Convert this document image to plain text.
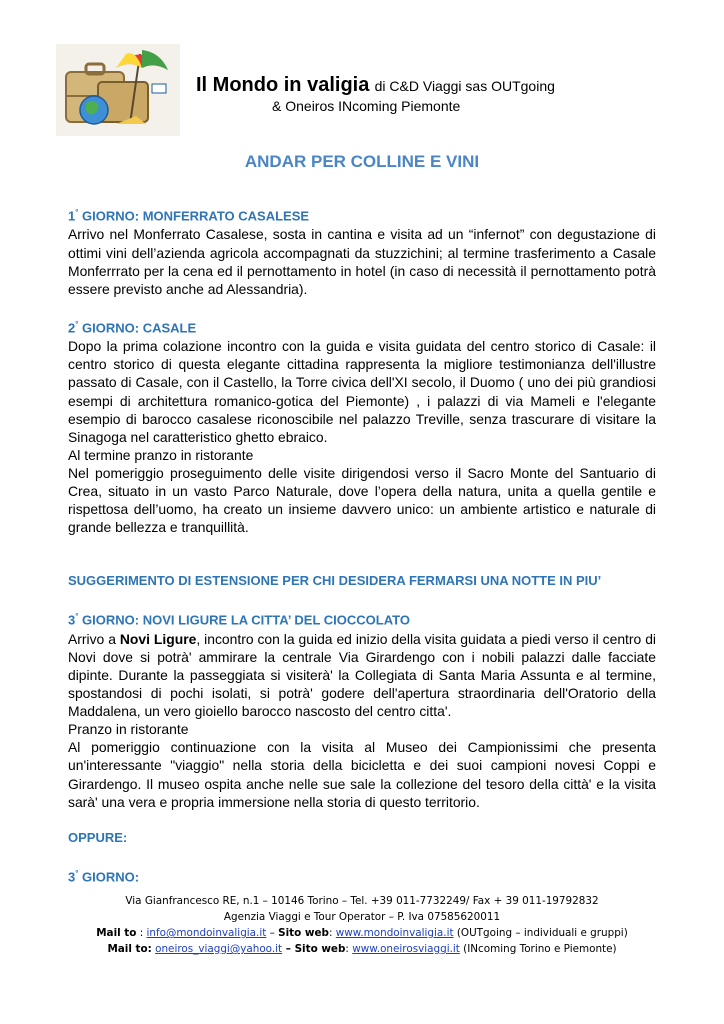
Il Mondo in valigia di C&D Viaggi sas OUTgoing
& Oneiros INcoming Piemonte
ANDAR PER COLLINE E VINI
1° GIORNO: MONFERRATO CASALESE

Arrivo nel Monferrato Casalese, sosta in cantina e visita ad un “infernot” con degustazione di ottimi vini dell’azienda agricola accompagnati da stuzzichini; al termine trasferimento a Casale Monferrrato per la cena ed il pernottamento in hotel (in caso di necessità il pernottamento potrà essere previsto anche ad Alessandria).

2° GIORNO: CASALE

Dopo la prima colazione incontro con la guida e visita guidata del centro storico di Casale: il centro storico di questa elegante cittadina rappresenta la migliore testimonianza dell'illustre passato di Casale, con il Castello, la Torre civica dell'XI secolo, il Duomo ( uno dei più grandiosi esempi di architettura romanico-gotica del Piemonte) , i palazzi di via Mameli e l'elegante esempio di barocco casalese riconoscibile nel palazzo Treville, senza trascurare di visitare la Sinagoga nel caratteristico ghetto ebraico.

Al termine pranzo in ristorante

Nel pomeriggio proseguimento delle visite dirigendosi verso il Sacro Monte del Santuario di Crea, situato in un vasto Parco Naturale, dove l’opera della natura, unita a quella gentile e rispettosa dell’uomo, ha creato un insieme davvero unico: un ambiente artistico e naturale di grande bellezza e tranquillità.

SUGGERIMENTO DI ESTENSIONE PER CHI DESIDERA FERMARSI UNA NOTTE IN PIU’
3° GIORNO: NOVI LIGURE LA CITTA’ DEL CIOCCOLATO

Arrivo a Novi Ligure, incontro con la guida ed inizio della visita guidata a piedi verso il centro di Novi dove si potrà' ammirare la centrale Via Girardengo con i nobili palazzi dalle facciate dipinte. Durante la passeggiata si visiterà' la Collegiata di Santa Maria Assunta e al termine, spostandosi di pochi isolati, si potrà' godere dell'apertura straordinaria dell'Oratorio della Maddalena, un vero gioiello barocco nascosto del centro citta'.

Pranzo in ristorante

Al pomeriggio continuazione con la visita al Museo dei Campionissimi che presenta un'interessante "viaggio" nella storia della bicicletta e dei suoi campioni novesi Coppi e Girardengo. Il museo ospita anche nelle sue sale la collezione del tesoro della città' e la visita sarà' una vera e propria immersione nella storia di questo territorio.

OPPURE:
3° GIORNO:
Via Gianfrancesco RE, n.1 – 10146 Torino – Tel. +39 011-7732249/ Fax + 39 011-19792832
Agenzia Viaggi e Tour Operator – P. Iva 07585620011
Mail to : info@mondoinvaligia.it – Sito web: www.mondoinvaligia.it (OUTgoing – individuali e gruppi)
Mail to: oneiros_viaggi@yahoo.it – Sito web: www.oneirosviaggi.it (INcoming Torino e Piemonte)
